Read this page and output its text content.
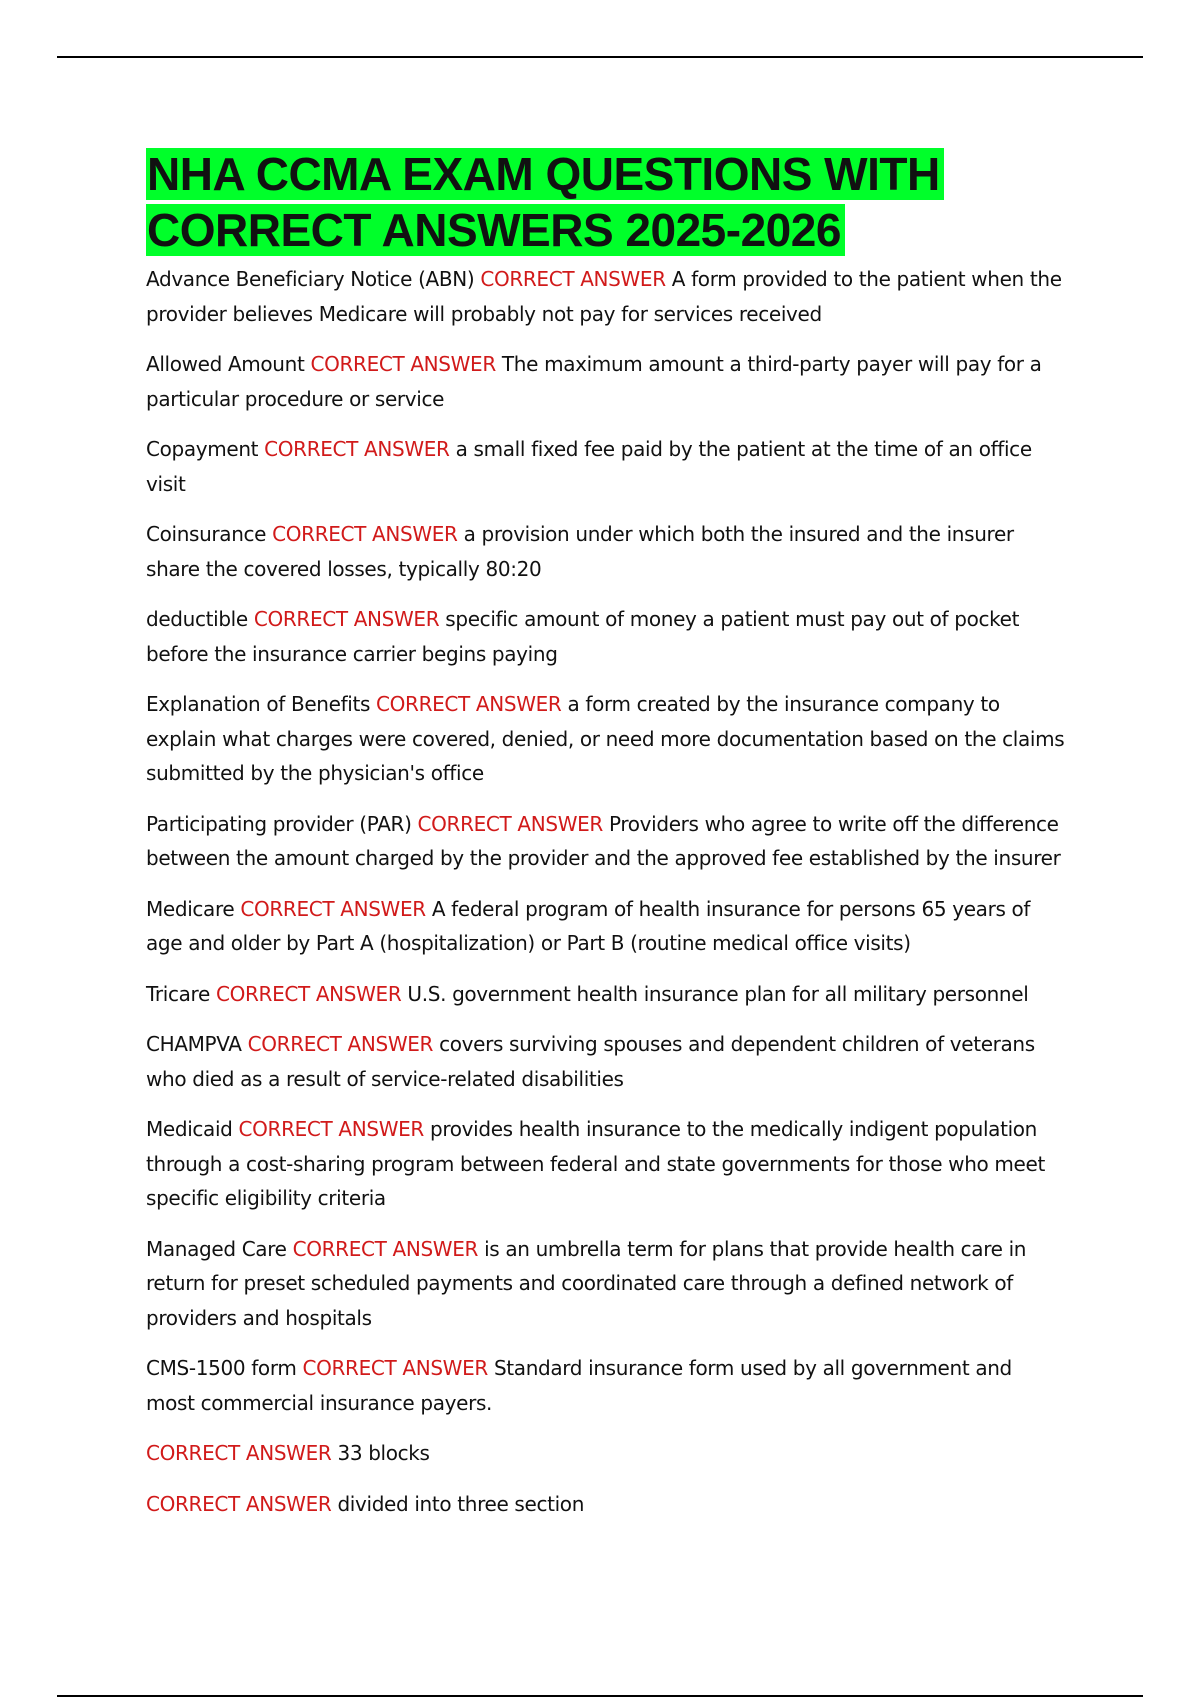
NHA CCMA EXAM QUESTIONS WITH
CORRECT ANSWERS 2025-2026

Advance Beneficiary Notice (ABN) CORRECT ANSWER A form provided to the patient when the provider believes Medicare will probably not pay for services received

Allowed Amount CORRECT ANSWER The maximum amount a third-party payer will pay for a particular procedure or service

Copayment CORRECT ANSWER a small fixed fee paid by the patient at the time of an office visit

Coinsurance CORRECT ANSWER a provision under which both the insured and the insurer share the covered losses, typically 80:20

deductible CORRECT ANSWER specific amount of money a patient must pay out of pocket before the insurance carrier begins paying

Explanation of Benefits CORRECT ANSWER a form created by the insurance company to explain what charges were covered, denied, or need more documentation based on the claims submitted by the physician's office

Participating provider (PAR) CORRECT ANSWER Providers who agree to write off the difference between the amount charged by the provider and the approved fee established by the insurer

Medicare CORRECT ANSWER A federal program of health insurance for persons 65 years of age and older by Part A (hospitalization) or Part B (routine medical office visits)

Tricare CORRECT ANSWER U.S. government health insurance plan for all military personnel

CHAMPVA CORRECT ANSWER covers surviving spouses and dependent children of veterans who died as a result of service-related disabilities

Medicaid CORRECT ANSWER provides health insurance to the medically indigent population through a cost-sharing program between federal and state governments for those who meet specific eligibility criteria

Managed Care CORRECT ANSWER is an umbrella term for plans that provide health care in return for preset scheduled payments and coordinated care through a defined network of providers and hospitals

CMS-1500 form CORRECT ANSWER Standard insurance form used by all government and most commercial insurance payers.

CORRECT ANSWER 33 blocks

CORRECT ANSWER divided into three section
